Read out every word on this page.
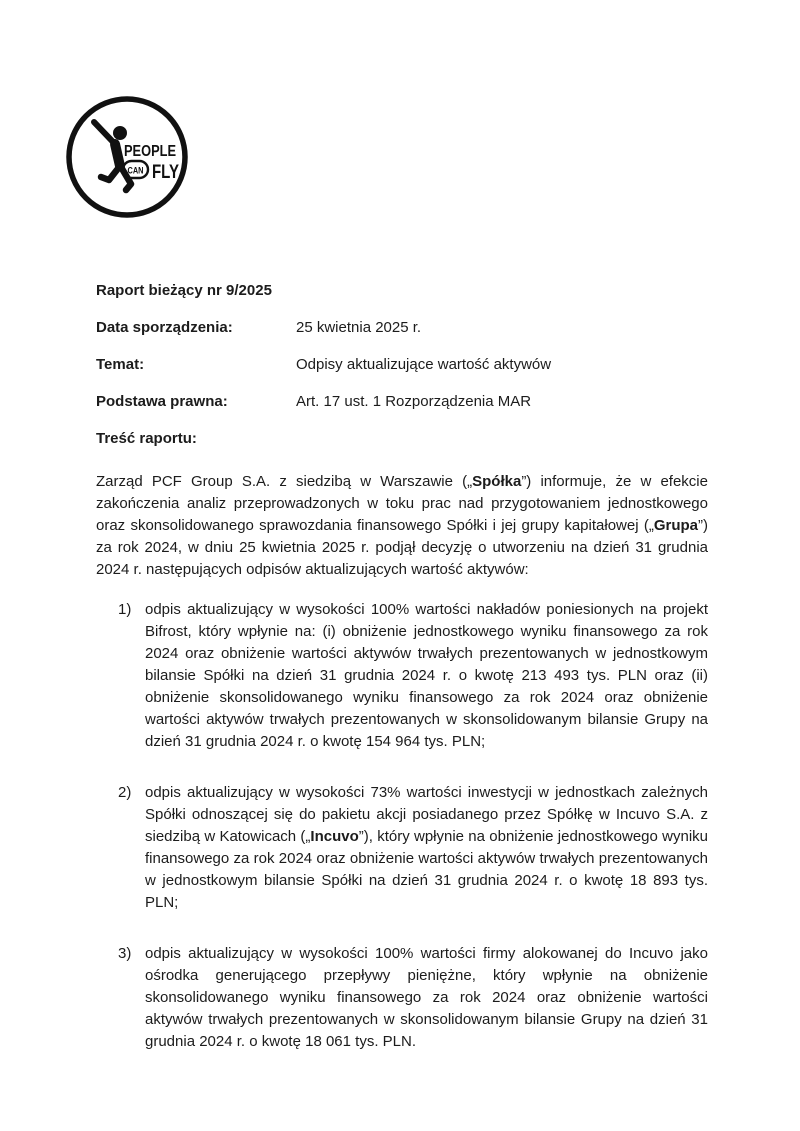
PEOPLE
CAN FLY
Raport bieżący nr 9/2025
Data sporządzenia:	25 kwietnia 2025 r.
Temat:	Odpisy aktualizujące wartość aktywów
Podstawa prawna:	Art. 17 ust. 1 Rozporządzenia MAR
Treść raportu:

Zarząd PCF Group S.A. z siedzibą w Warszawie („Spółka”) informuje, że w efekcie zakończenia analiz przeprowadzonych w toku prac nad przygotowaniem jednostkowego oraz skonsolidowanego sprawozdania finansowego Spółki i jej grupy kapitałowej („Grupa”) za rok 2024, w dniu 25 kwietnia 2025 r. podjął decyzję o utworzeniu na dzień 31 grudnia 2024 r. następujących odpisów aktualizujących wartość aktywów:

1) odpis aktualizujący w wysokości 100% wartości nakładów poniesionych na projekt Bifrost, który wpłynie na: (i) obniżenie jednostkowego wyniku finansowego za rok 2024 oraz obniżenie wartości aktywów trwałych prezentowanych w jednostkowym bilansie Spółki na dzień 31 grudnia 2024 r. o kwotę 213 493 tys. PLN oraz (ii) obniżenie skonsolidowanego wyniku finansowego za rok 2024 oraz obniżenie wartości aktywów trwałych prezentowanych w skonsolidowanym bilansie Grupy na dzień 31 grudnia 2024 r. o kwotę 154 964 tys. PLN;
2) odpis aktualizujący w wysokości 73% wartości inwestycji w jednostkach zależnych Spółki odnoszącej się do pakietu akcji posiadanego przez Spółkę w Incuvo S.A. z siedzibą w Katowicach („Incuvo”), który wpłynie na obniżenie jednostkowego wyniku finansowego za rok 2024 oraz obniżenie wartości aktywów trwałych prezentowanych w jednostkowym bilansie Spółki na dzień 31 grudnia 2024 r. o kwotę 18 893 tys. PLN;
3) odpis aktualizujący w wysokości 100% wartości firmy alokowanej do Incuvo jako ośrodka generującego przepływy pieniężne, który wpłynie na obniżenie skonsolidowanego wyniku finansowego za rok 2024 oraz obniżenie wartości aktywów trwałych prezentowanych w skonsolidowanym bilansie Grupy na dzień 31 grudnia 2024 r. o kwotę 18 061 tys. PLN.
